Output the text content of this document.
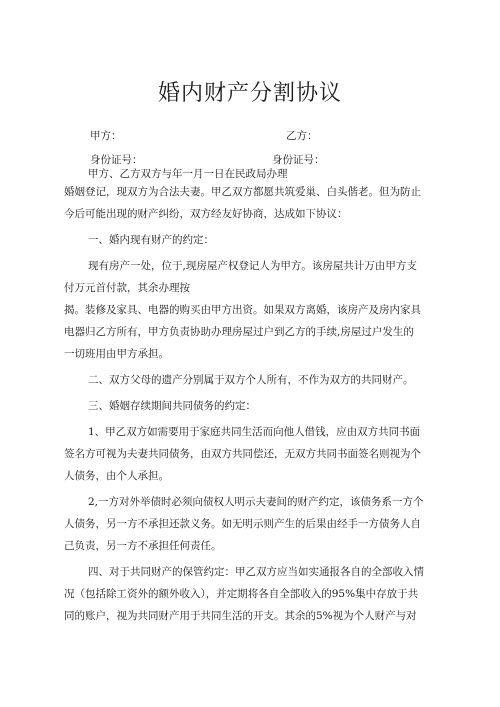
婚内财产分割协议
甲方：	乙方：
身份证号：	身份证号：

甲方、乙方双方与年一月一日在民政局办理

婚姻登记，现双方为合法夫妻。甲乙双方都愿共筑爱巢、白头偕老。但为防止

今后可能出现的财产纠纷，双方经友好协商，达成如下协议：

一、婚内现有财产的约定：

现有房产一处，位于,现房屋产权登记人为甲方。该房屋共计万由甲方支

付万元首付款，其余办理按

揭。装修及家具、电器的购买由甲方出资。如果双方离婚，该房产及房内家具

电器归乙方所有，甲方负责协助办理房屋过户到乙方的手续,房屋过户发生的

一切班用由甲方承担。

二、双方父母的遗产分别属于双方个人所有，不作为双方的共同财产。

三、婚姻存续期间共同债务的约定：

1、甲乙双方如需要用于家庭共同生活而向他人借钱，应由双方共同书面

签名方可视为夫妻共同债务，由双方共同偿还，无双方共同书面签名则视为个

人债务，由个人承担。

2,一方对外举债时必须向债权人明示夫妻间的财产约定，该债务系一方个

人债务，另一方不承担还款义务。如无明示则产生的后果由经手一方债务人自

己负责，另一方不承担任何责任。

四、对于共同财产的保管约定：甲乙双方应当如实通报各自的全部收入情

况（包括除工资外的额外收入），并定期将各自全部收入的95%集中存放于共

同的账户，视为共同财产用于共同生活的开支。其余的5%视为个人财产与对
